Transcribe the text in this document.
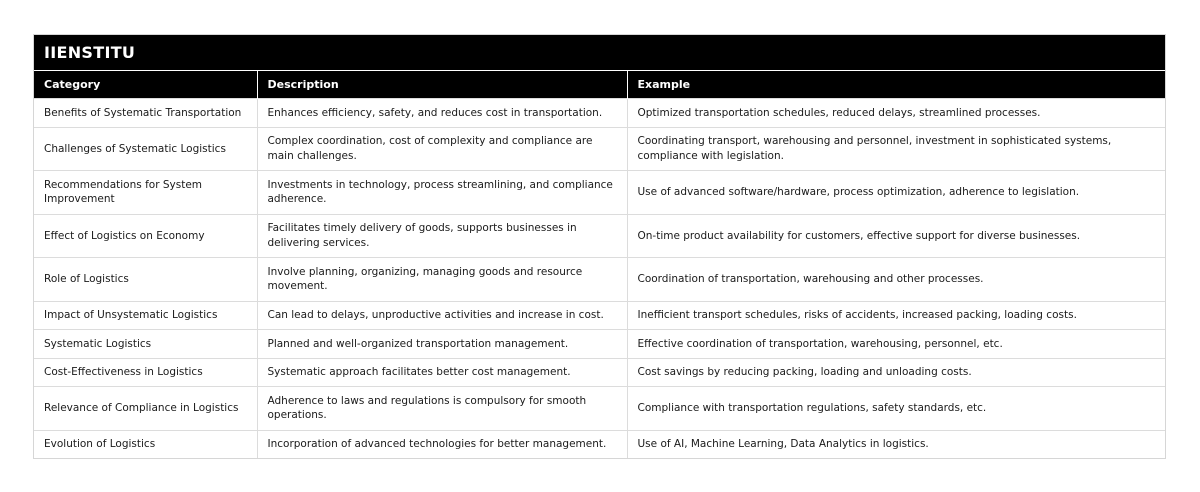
IIENSTITU
Category	Description	Example
Benefits of Systematic Transportation	Enhances efficiency, safety, and reduces cost in transportation.	Optimized transportation schedules, reduced delays, streamlined processes.
Challenges of Systematic Logistics	Complex coordination, cost of complexity and compliance are main challenges.	Coordinating transport, warehousing and personnel, investment in sophisticated systems, compliance with legislation.
Recommendations for System Improvement	Investments in technology, process streamlining, and compliance adherence.	Use of advanced software/hardware, process optimization, adherence to legislation.
Effect of Logistics on Economy	Facilitates timely delivery of goods, supports businesses in delivering services.	On-time product availability for customers, effective support for diverse businesses.
Role of Logistics	Involve planning, organizing, managing goods and resource movement.	Coordination of transportation, warehousing and other processes.
Impact of Unsystematic Logistics	Can lead to delays, unproductive activities and increase in cost.	Inefficient transport schedules, risks of accidents, increased packing, loading costs.
Systematic Logistics	Planned and well-organized transportation management.	Effective coordination of transportation, warehousing, personnel, etc.
Cost-Effectiveness in Logistics	Systematic approach facilitates better cost management.	Cost savings by reducing packing, loading and unloading costs.
Relevance of Compliance in Logistics	Adherence to laws and regulations is compulsory for smooth operations.	Compliance with transportation regulations, safety standards, etc.
Evolution of Logistics	Incorporation of advanced technologies for better management.	Use of AI, Machine Learning, Data Analytics in logistics.
